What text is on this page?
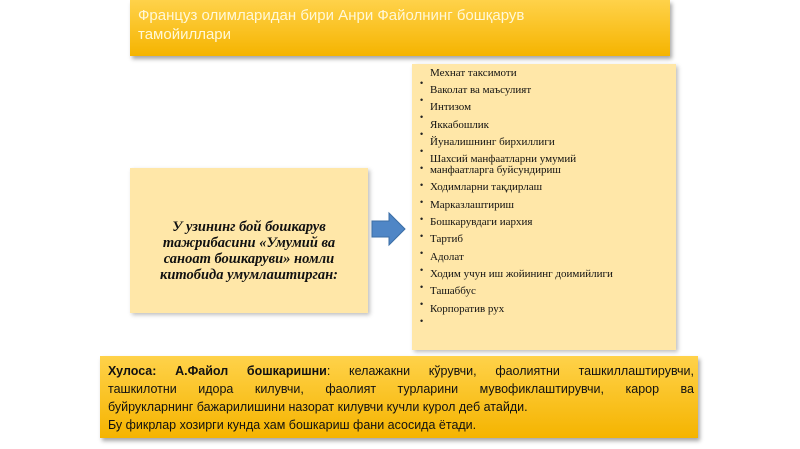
Француз олимларидан бири Анри Файолнинг бошқарув
тамойиллари
У узининг бой бошкарув
тажрибасини «Умумий ва
саноат бошкаруви» номли
китобида умумлаштирган:
•
•
•
•
•
•
•
•
•
•
•
•
•
•
•
Мехнат таксимоти
Ваколат ва маъсулият
Интизом
Яккабошлик
Йуналишнинг бирхиллиги
Шахсий манфаатларни умумий
манфаатларга буйсундириш
Ходимларни тақдирлаш
Марказлаштириш
Бошкарувдаги иархия
Тартиб
Адолат
Ходим учун иш жойининг доимийлиги
Ташаббус
Корпоратив рух
Хулоса: А.Файол бошкаришни: келажакни кўрувчи, фаолиятни ташкиллаштирувчи,
ташкилотни идора килувчи, фаолият турларини мувофиклаштирувчи, карор ва
буйрукларнинг бажарилишини назорат килувчи кучли курол деб атайди.
Бу фикрлар хозирги кунда хам бошкариш фани асосида ётади.
